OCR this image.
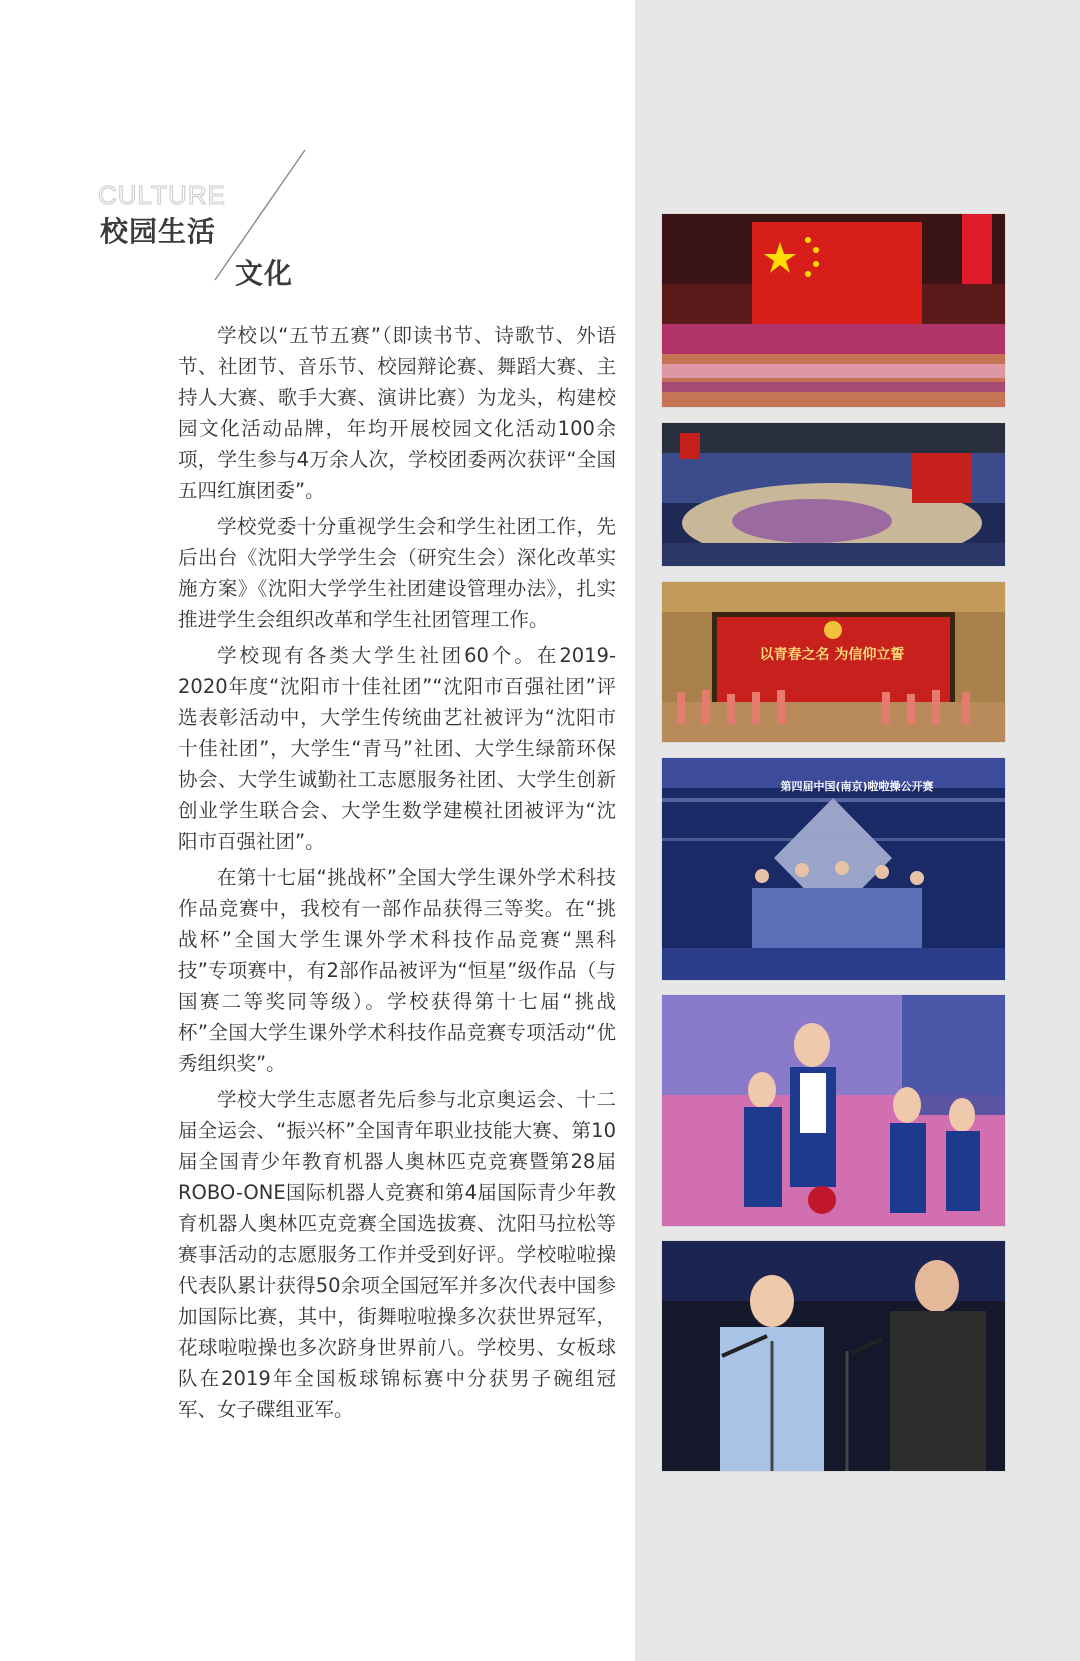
CULTURE
校园生活
文化

学校以“五节五赛”（即读书节、诗歌节、外语节、社团节、音乐节、校园辩论赛、舞蹈大赛、主持人大赛、歌手大赛、演讲比赛）为龙头，构建校园文化活动品牌，年均开展校园文化活动100余项，学生参与4万余人次，学校团委两次获评“全国五四红旗团委”。

学校党委十分重视学生会和学生社团工作，先后出台《沈阳大学学生会（研究生会）深化改革实施方案》《沈阳大学学生社团建设管理办法》，扎实推进学生会组织改革和学生社团管理工作。

学校现有各类大学生社团60个。在2019-2020年度“沈阳市十佳社团”“沈阳市百强社团”评选表彰活动中，大学生传统曲艺社被评为“沈阳市十佳社团”，大学生“青马”社团、大学生绿箭环保协会、大学生诚勤社工志愿服务社团、大学生创新创业学生联合会、大学生数学建模社团被评为“沈阳市百强社团”。

在第十七届“挑战杯”全国大学生课外学术科技作品竞赛中，我校有一部作品获得三等奖。在“挑战杯”全国大学生课外学术科技作品竞赛“黑科技”专项赛中，有2部作品被评为“恒星”级作品（与国赛二等奖同等级）。学校获得第十七届“挑战杯”全国大学生课外学术科技作品竞赛专项活动“优秀组织奖”。

学校大学生志愿者先后参与北京奥运会、十二届全运会、“振兴杯”全国青年职业技能大赛、第10届全国青少年教育机器人奥林匹克竞赛暨第28届ROBO-ONE国际机器人竞赛和第4届国际青少年教育机器人奥林匹克竞赛全国选拔赛、沈阳马拉松等赛事活动的志愿服务工作并受到好评。学校啦啦操代表队累计获得50余项全国冠军并多次代表中国参加国际比赛，其中，街舞啦啦操多次获世界冠军，花球啦啦操也多次跻身世界前八。学校男、女板球队在2019年全国板球锦标赛中分获男子碗组冠军、女子碟组亚军。

以青春之名 为信仰立誓
第四届中国(南京)啦啦操公开赛
